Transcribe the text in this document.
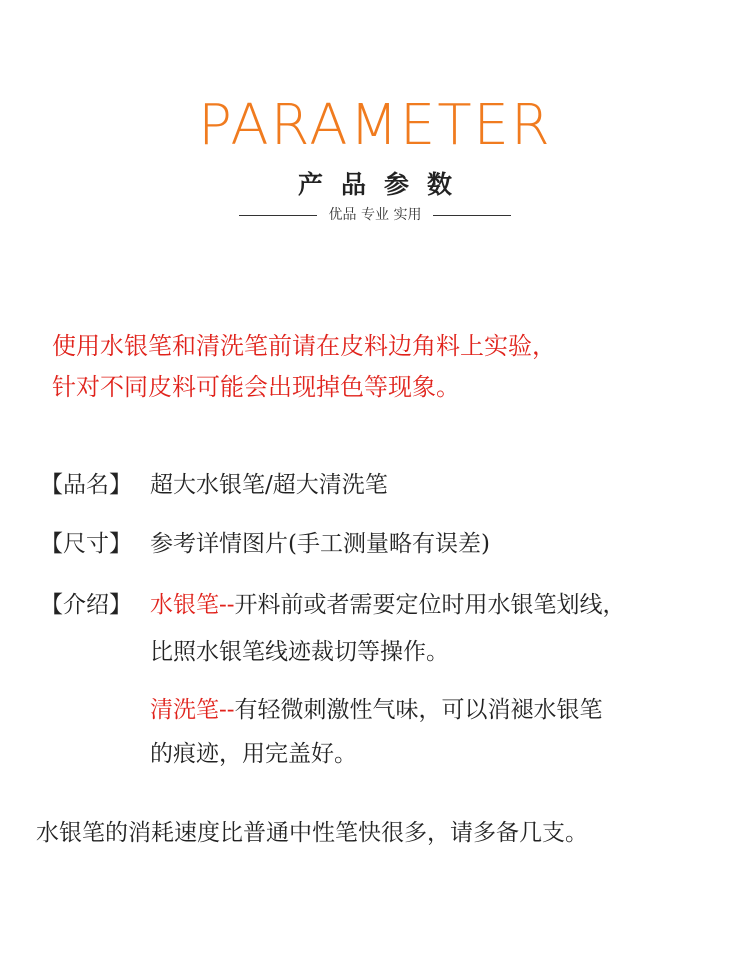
PARAMETER
产品参数
优品 专业 实用
使用水银笔和清洗笔前请在皮料边角料上实验，
针对不同皮料可能会出现掉色等现象。
【品名】 超大水银笔/超大清洗笔
【尺寸】 参考详情图片(手工测量略有误差)
【介绍】 水银笔--开料前或者需要定位时用水银笔划线，
比照水银笔线迹裁切等操作。
清洗笔--有轻微刺激性气味，可以消褪水银笔
的痕迹，用完盖好。
水银笔的消耗速度比普通中性笔快很多，请多备几支。
